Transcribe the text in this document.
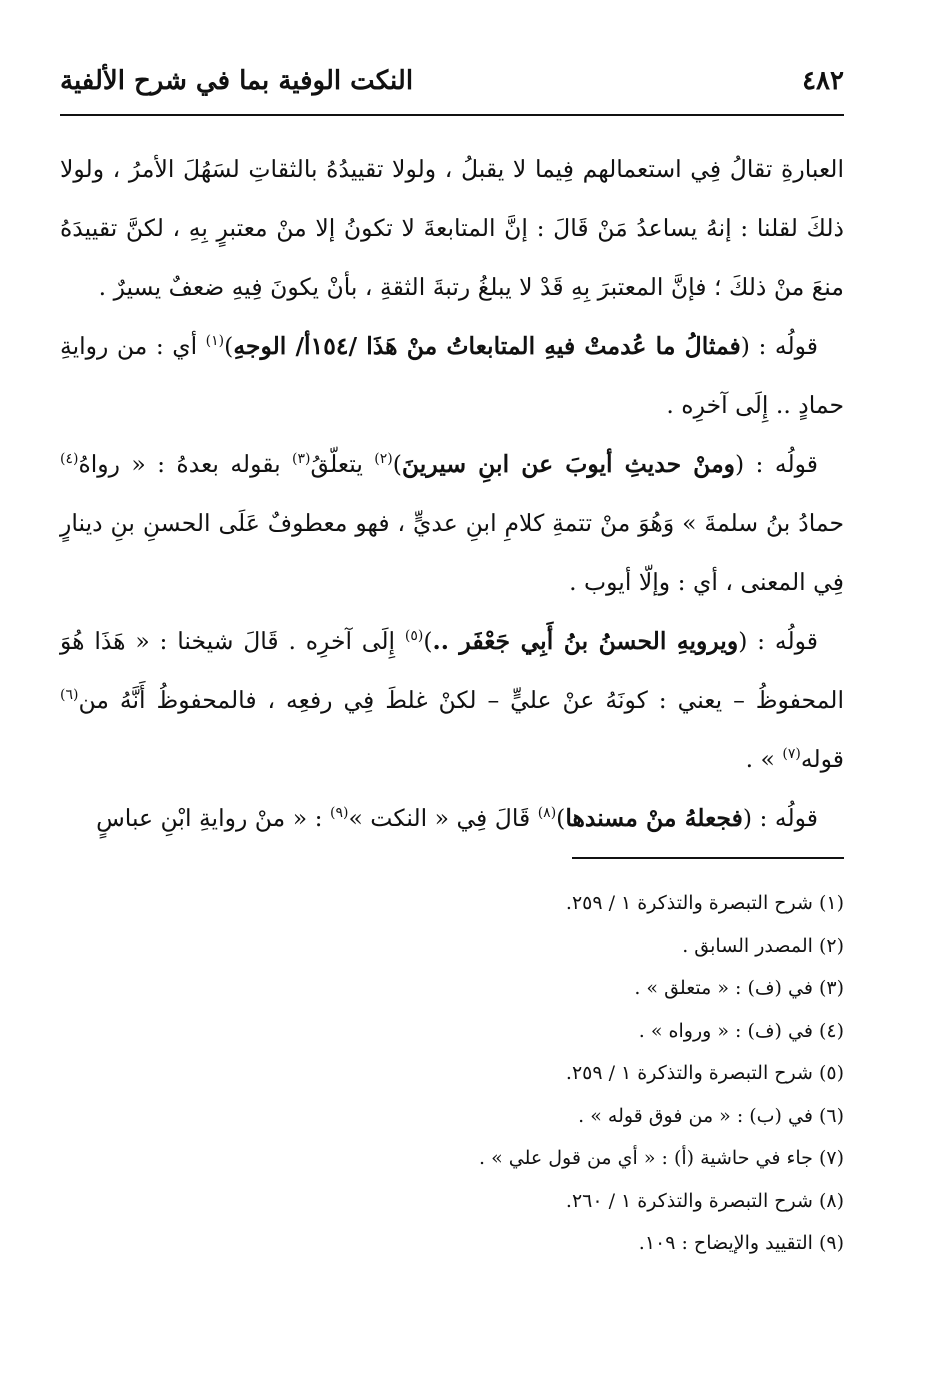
٤٨٢
النكت الوفية بما في شرح الألفية

العبارةِ تقالُ فِي استعمالهم فِيما لا يقبلُ ، ولولا تقييدُهُ بالثقاتِ لسَهُلَ الأمرُ ، ولولا ذلكَ لقلنا : إنهُ يساعدُ مَنْ قَالَ : إنَّ المتابعةَ لا تكونُ إلا منْ معتبرٍ بِهِ ، لكنَّ تقييدَهُ منعَ منْ ذلكَ ؛ فإنَّ المعتبرَ بِهِ قَدْ لا يبلغُ رتبةَ الثقةِ ، بأنْ يكونَ فِيهِ ضعفٌ يسيرٌ .

قولُه : (فمثالُ ما عُدمتْ فيهِ المتابعاتُ منْ هَذَا /١٥٤أ/ الوجهِ)$^{(١)}$ أي : من روايةِ حمادٍ .. إِلَى آخرِه .

قولُه : (ومنْ حديثِ أيوبَ عن ابنِ سيرينَ)$^{(٢)}$ يتعلّقُ$^{(٣)}$ بقوله بعدهُ : « رواهُ$^{(٤)}$ حمادُ بنُ سلمةَ » وَهُوَ منْ تتمةِ كلامِ ابنِ عديٍّ ، فهو معطوفٌ عَلَى الحسنِ بنِ دينارٍ فِي المعنى ، أي : وإلّا أيوب .

قولُه : (ويرويهِ الحسنُ بنُ أَبِي جَعْفَر ..)$^{(٥)}$ إِلَى آخرِه . قَالَ شيخنا : « هَذَا هُوَ المحفوظُ – يعني : كونَهُ عنْ عليٍّ – لكنْ غلطَ فِي رفعِه ، فالمحفوظُ أَنَّهُ من$^{(٦)}$ قوله$^{(٧)}$ » .

قولُه : (فجعلهُ منْ مسندها)$^{(٨)}$ قَالَ فِي « النكت »$^{(٩)}$ : « منْ روايةِ ابْنِ عباسٍ

(١)شرح التبصرة والتذكرة ١ / ٢٥٩.

(٢)المصدر السابق .

(٣)في (ف) : « متعلق » .

(٤)في (ف) : « ورواه » .

(٥)شرح التبصرة والتذكرة ١ / ٢٥٩.

(٦)في (ب) : « من فوق قوله » .

(٧)جاء في حاشية (أ) : « أي من قول علي » .

(٨)شرح التبصرة والتذكرة ١ / ٢٦٠.

(٩)التقييد والإيضاح : ١٠٩.
